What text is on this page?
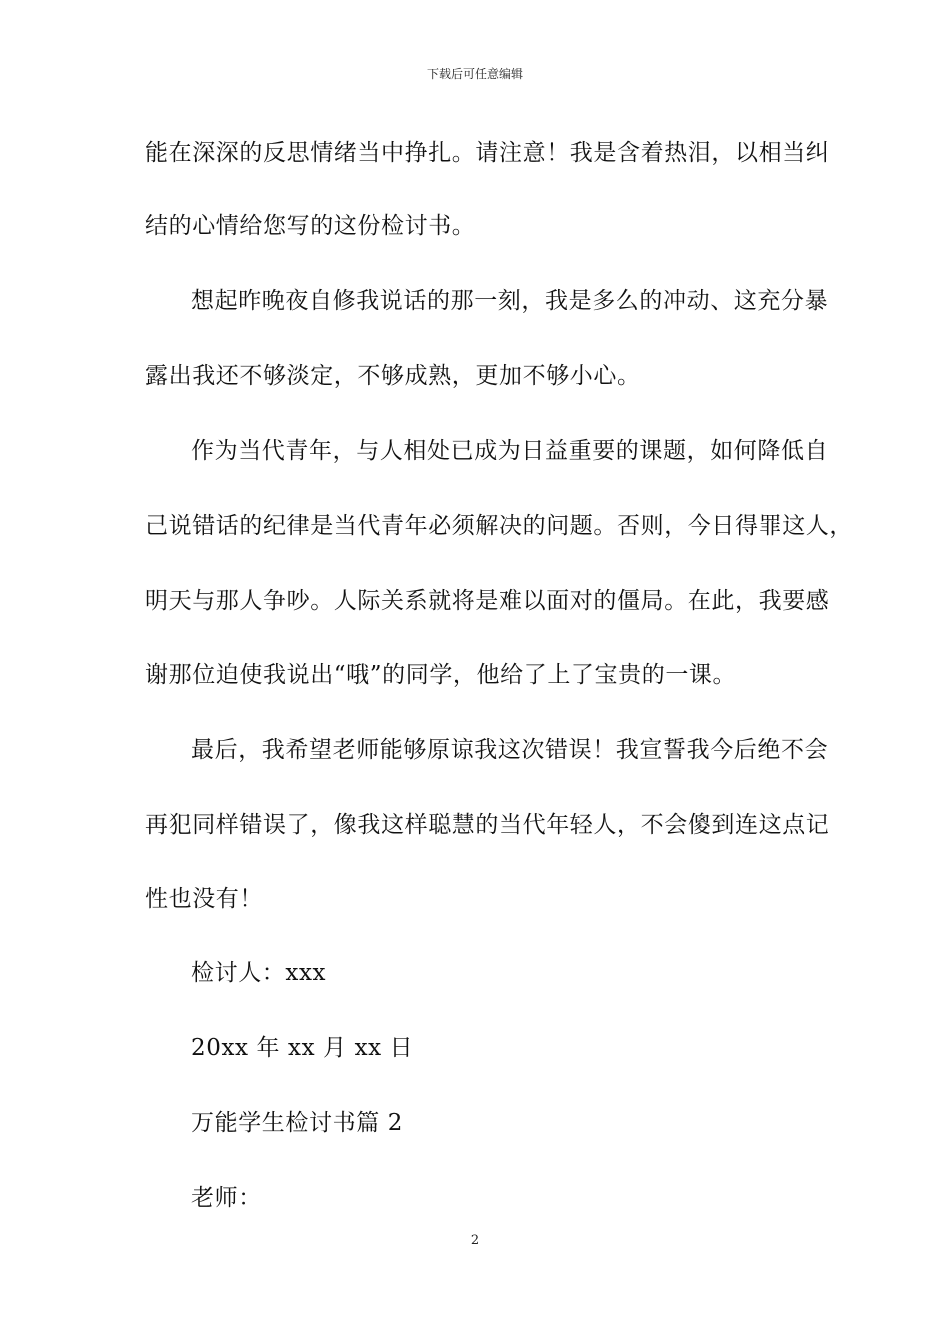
下载后可任意编辑
能在深深的反思情绪当中挣扎。请注意！我是含着热泪，以相当纠
结的心情给您写的这份检讨书。
想起昨晚夜自修我说话的那一刻，我是多么的冲动、这充分暴
露出我还不够淡定，不够成熟，更加不够小心。
作为当代青年，与人相处已成为日益重要的课题，如何降低自
己说错话的纪律是当代青年必须解决的问题。否则，今日得罪这人，
明天与那人争吵。人际关系就将是难以面对的僵局。在此，我要感
谢那位迫使我说出“哦”的同学，他给了上了宝贵的一课。
最后，我希望老师能够原谅我这次错误！我宣誓我今后绝不会
再犯同样错误了，像我这样聪慧的当代年轻人，不会傻到连这点记
性也没有！
检讨人：xxx
20xx 年 xx 月 xx 日
万能学生检讨书篇 2
老师：
2
